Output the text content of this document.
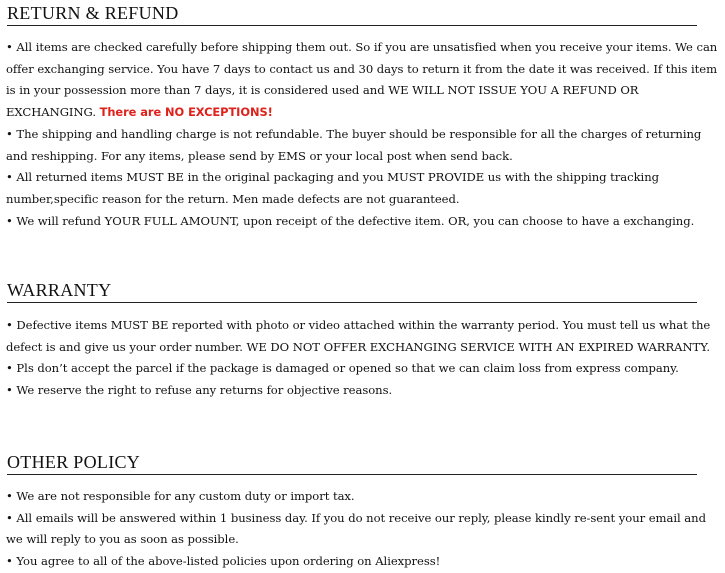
RETURN & REFUND

• All items are checked carefully before shipping them out. So if you are unsatisfied when you receive your items. We can offer exchanging service. You have 7 days to contact us and 30 days to return it from the date it was received. If this item is in your possession more than 7 days, it is considered used and WE WILL NOT ISSUE YOU A REFUND OR EXCHANGING. There are NO EXCEPTIONS!

• The shipping and handling charge is not refundable. The buyer should be responsible for all the charges of returning and reshipping. For any items, please send by EMS or your local post when send back.

• All returned items MUST BE in the original packaging and you MUST PROVIDE us with the shipping tracking number,specific reason for the return. Men made defects are not guaranteed.

• We will refund YOUR FULL AMOUNT, upon receipt of the defective item. OR, you can choose to have a exchanging.

WARRANTY

• Defective items MUST BE reported with photo or video attached within the warranty period. You must tell us what the defect is and give us your order number. WE DO NOT OFFER EXCHANGING SERVICE WITH AN EXPIRED WARRANTY.

• Pls don’t accept the parcel if the package is damaged or opened so that we can claim loss from express company.

• We reserve the right to refuse any returns for objective reasons.

OTHER POLICY

• We are not responsible for any custom duty or import tax.

• All emails will be answered within 1 business day. If you do not receive our reply, please kindly re-sent your email and we will reply to you as soon as possible.

• You agree to all of the above-listed policies upon ordering on Aliexpress!
